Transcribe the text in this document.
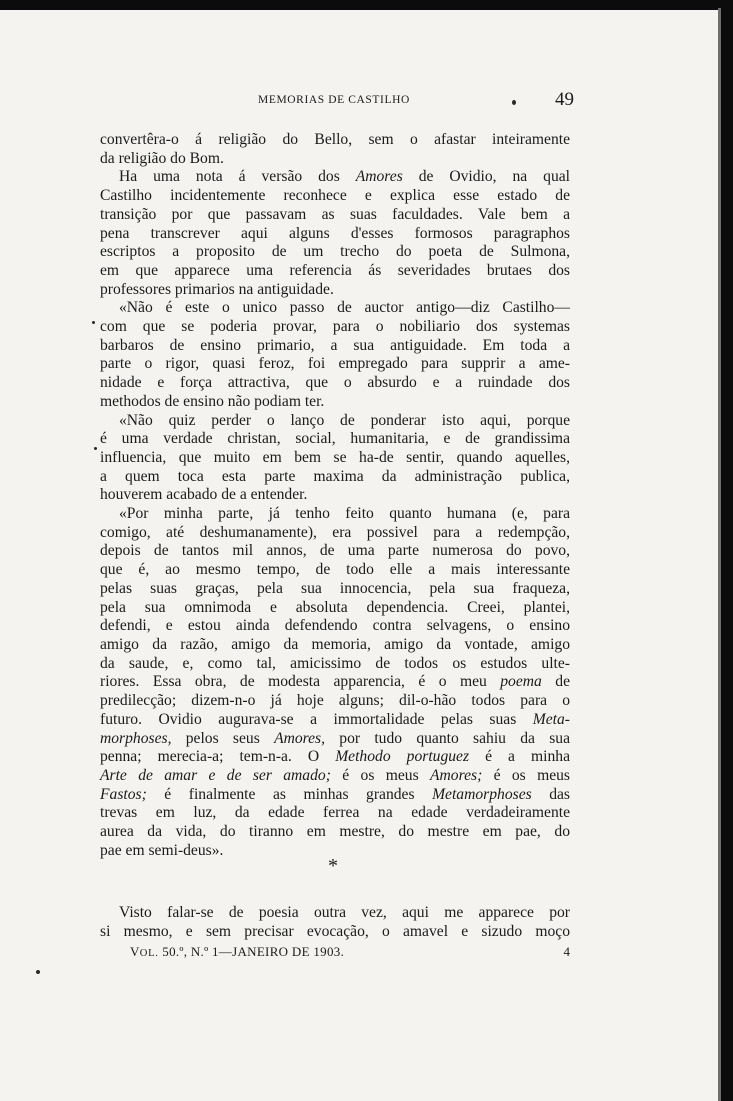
MEMORIAS DE CASTILHO	49
convertêra-o á religião do Bello, sem o afastar inteiramente
da religião do Bom.
Ha uma nota á versão dos Amores de Ovidio, na qual
Castilho incidentemente reconhece e explica esse estado de
transição por que passavam as suas faculdades. Vale bem a
pena transcrever aqui alguns d'esses formosos paragraphos
escriptos a proposito de um trecho do poeta de Sulmona,
em que apparece uma referencia ás severidades brutaes dos
professores primarios na antiguidade.
«Não é este o unico passo de auctor antigo—diz Castilho—
com que se poderia provar, para o nobiliario dos systemas
barbaros de ensino primario, a sua antiguidade. Em toda a
parte o rigor, quasi feroz, foi empregado para supprir a ame-
nidade e força attractiva, que o absurdo e a ruindade dos
methodos de ensino não podiam ter.
«Não quiz perder o lanço de ponderar isto aqui, porque
é uma verdade christan, social, humanitaria, e de grandissima
influencia, que muito em bem se ha-de sentir, quando aquelles,
a quem toca esta parte maxima da administração publica,
houverem acabado de a entender.
«Por minha parte, já tenho feito quanto humana (e, para
comigo, até deshumanamente), era possivel para a redempção,
depois de tantos mil annos, de uma parte numerosa do povo,
que é, ao mesmo tempo, de todo elle a mais interessante
pelas suas graças, pela sua innocencia, pela sua fraqueza,
pela sua omnimoda e absoluta dependencia. Creei, plantei,
defendi, e estou ainda defendendo contra selvagens, o ensino
amigo da razão, amigo da memoria, amigo da vontade, amigo
da saude, e, como tal, amicissimo de todos os estudos ulte-
riores. Essa obra, de modesta apparencia, é o meu poema de
predilecção; dizem-n-o já hoje alguns; dil-o-hão todos para o
futuro. Ovidio augurava-se a immortalidade pelas suas Meta-
morphoses, pelos seus Amores, por tudo quanto sahiu da sua
penna; merecia-a; tem-n-a. O Methodo portuguez é a minha
Arte de amar e de ser amado; é os meus Amores; é os meus
Fastos; é finalmente as minhas grandes Metamorphoses das
trevas em luz, da edade ferrea na edade verdadeiramente
aurea da vida, do tiranno em mestre, do mestre em pae, do
pae em semi-deus».
*
Visto falar-se de poesia outra vez, aqui me apparece por
si mesmo, e sem precisar evocação, o amavel e sizudo moço
VOL. 50.º, N.º 1—JANEIRO DE 1903.	4
